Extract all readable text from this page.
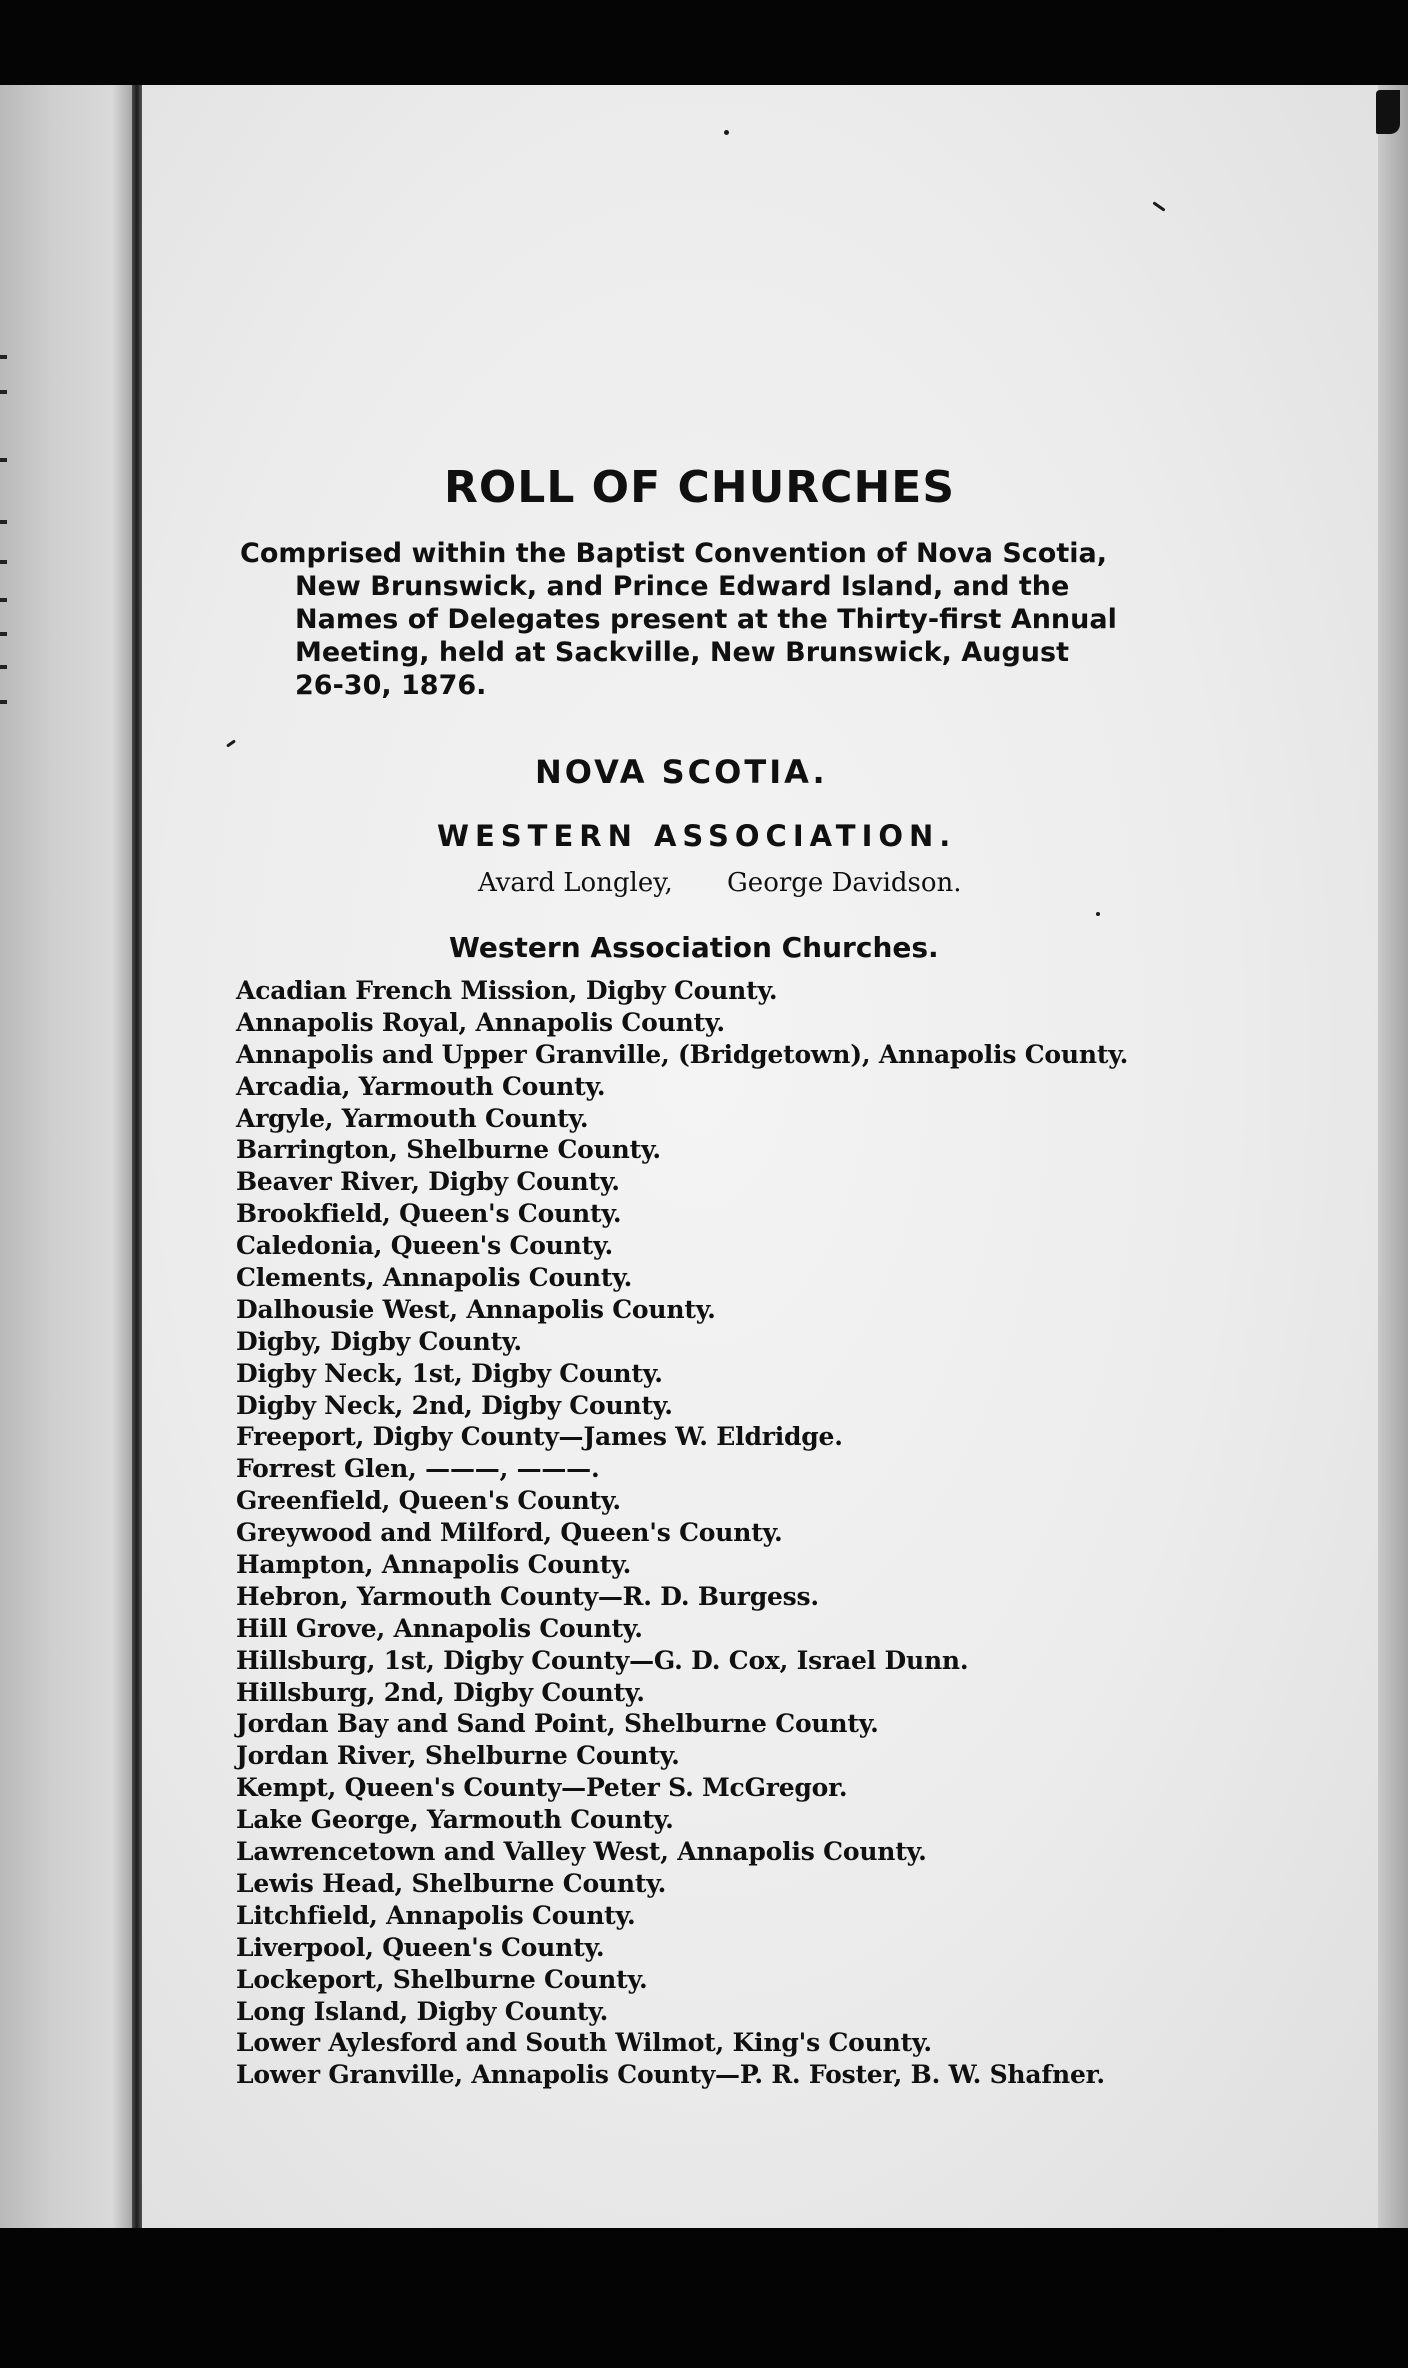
ROLL OF CHURCHES

Comprised within the Baptist Convention of Nova Scotia,
New Brunswick, and Prince Edward Island, and the
Names of Delegates present at the Thirty-first Annual
Meeting, held at Sackville, New Brunswick, August
26-30, 1876.

NOVA SCOTIA.
WESTERN ASSOCIATION.
Avard Longley, George Davidson.
Western Association Churches.
Acadian French Mission, Digby County.
Annapolis Royal, Annapolis County.
Annapolis and Upper Granville, (Bridgetown), Annapolis County.
Arcadia, Yarmouth County.
Argyle, Yarmouth County.
Barrington, Shelburne County.
Beaver River, Digby County.
Brookfield, Queen's County.
Caledonia, Queen's County.
Clements, Annapolis County.
Dalhousie West, Annapolis County.
Digby, Digby County.
Digby Neck, 1st, Digby County.
Digby Neck, 2nd, Digby County.
Freeport, Digby County—James W. Eldridge.
Forrest Glen, ———, ———.
Greenfield, Queen's County.
Greywood and Milford, Queen's County.
Hampton, Annapolis County.
Hebron, Yarmouth County—R. D. Burgess.
Hill Grove, Annapolis County.
Hillsburg, 1st, Digby County—G. D. Cox, Israel Dunn.
Hillsburg, 2nd, Digby County.
Jordan Bay and Sand Point, Shelburne County.
Jordan River, Shelburne County.
Kempt, Queen's County—Peter S. McGregor.
Lake George, Yarmouth County.
Lawrencetown and Valley West, Annapolis County.
Lewis Head, Shelburne County.
Litchfield, Annapolis County.
Liverpool, Queen's County.
Lockeport, Shelburne County.
Long Island, Digby County.
Lower Aylesford and South Wilmot, King's County.
Lower Granville, Annapolis County—P. R. Foster, B. W. Shafner.
